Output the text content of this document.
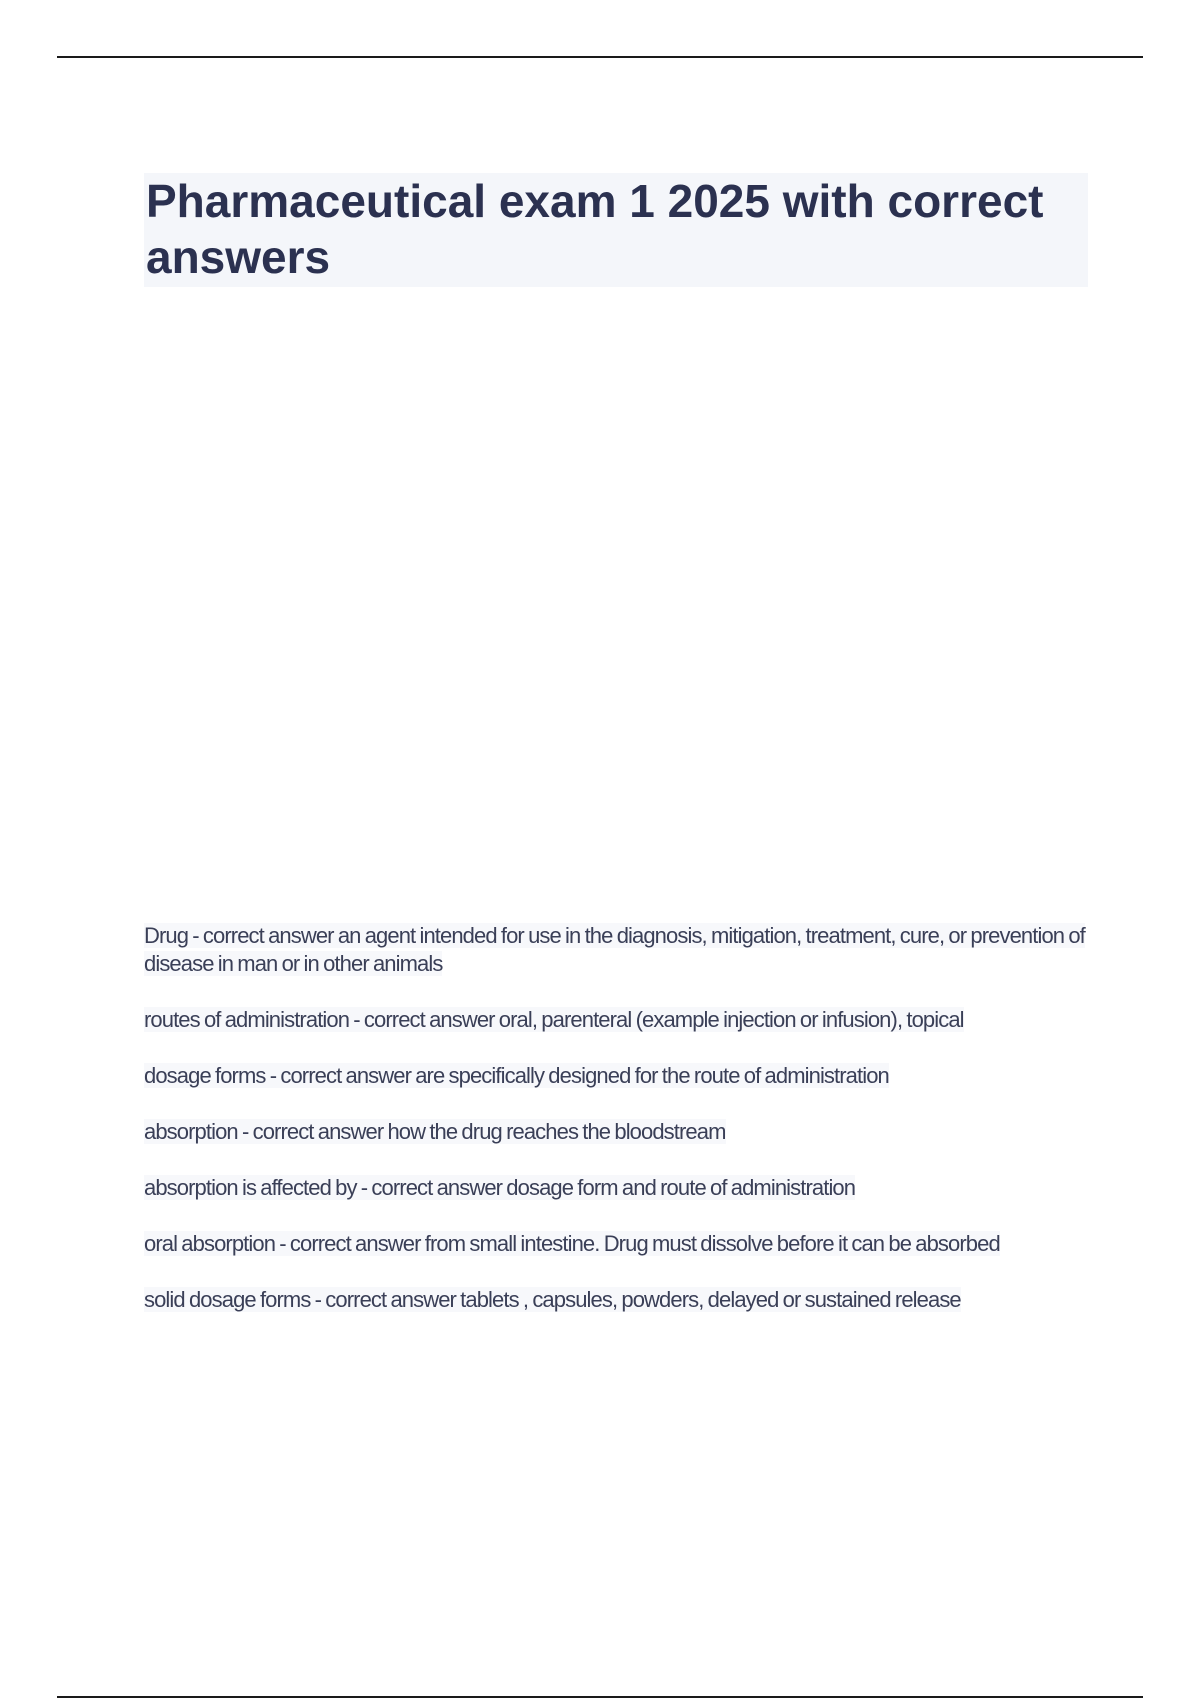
Pharmaceutical exam 1 2025 with correct answers
Drug - correct answer an agent intended for use in the diagnosis, mitigation, treatment, cure, or prevention of disease in man or in other animals
routes of administration - correct answer oral, parenteral (example injection or infusion), topical
dosage forms - correct answer are specifically designed for the route of administration
absorption - correct answer how the drug reaches the bloodstream
absorption is affected by - correct answer dosage form and route of administration
oral absorption - correct answer from small intestine. Drug must dissolve before it can be absorbed
solid dosage forms - correct answer tablets , capsules, powders, delayed or sustained release
